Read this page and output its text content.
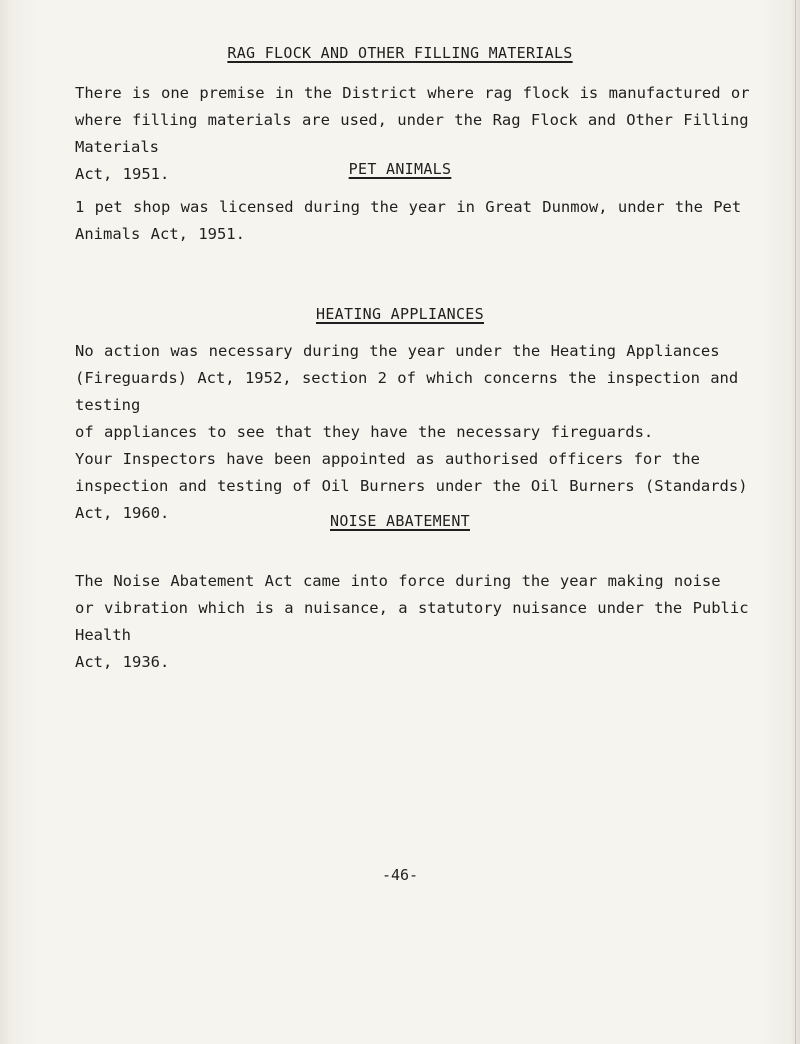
RAG FLOCK AND OTHER FILLING MATERIALS
There is one premise in the District where rag flock is manufactured or
where filling materials are used, under the Rag Flock and Other Filling Materials
Act, 1951.	PET ANIMALS
1 pet shop was licensed during the year in Great Dunmow, under the Pet
Animals Act, 1951.
HEATING APPLIANCES
No action was necessary during the year under the Heating Appliances
(Fireguards) Act, 1952, section 2 of which concerns the inspection and testing
of appliances to see that they have the necessary fireguards.
Your Inspectors have been appointed as authorised officers for the
inspection and testing of Oil Burners under the Oil Burners (Standards) Act, 1960.	NOISE ABATEMENT
The Noise Abatement Act came into force during the year making noise
or vibration which is a nuisance, a statutory nuisance under the Public Health
Act, 1936.
-46-
